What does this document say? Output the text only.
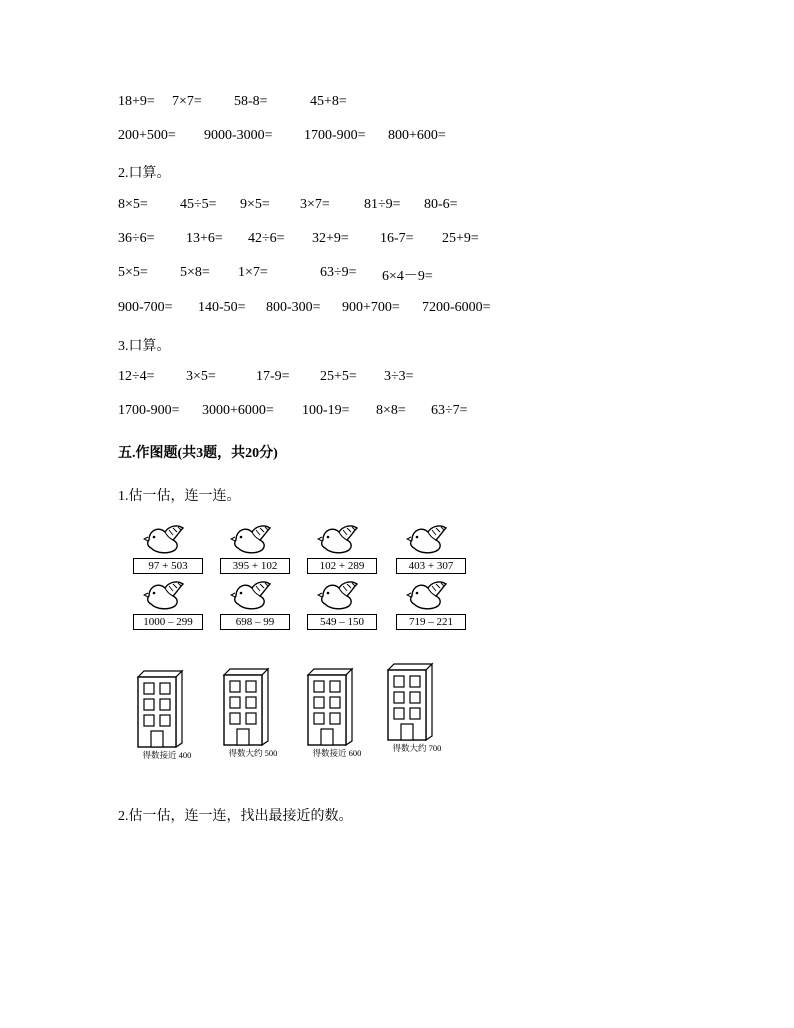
18+9=	7×7=	58-8=	45+8=
200+500=	9000-3000=	1700-900=	800+600=
2.口算。
8×5=	45÷5=	9×5=	3×7=	81÷9=	80-6=
36÷6=	13+6=	42÷6=	32+9=	16-7=	25+9=
5×5=	5×8=	1×7=	63÷9=	6×4－9=
900-700=	140-50=	800-300=	900+700=	7200-6000=
3.口算。
12÷4=	3×5=	17-9=	25+5=	3÷3=
1700-900=	3000+6000=	100-19=	8×8=	63÷7=
五.作图题(共3题，共20分)
1.估一估，连一连。
97 + 503	395 + 102	102 + 289	403 + 307
1000 – 299	698 – 99	549 – 150	719 – 221
得数接近 400	得数大约 500	得数接近 600	得数大约 700
2.估一估，连一连，找出最接近的数。
